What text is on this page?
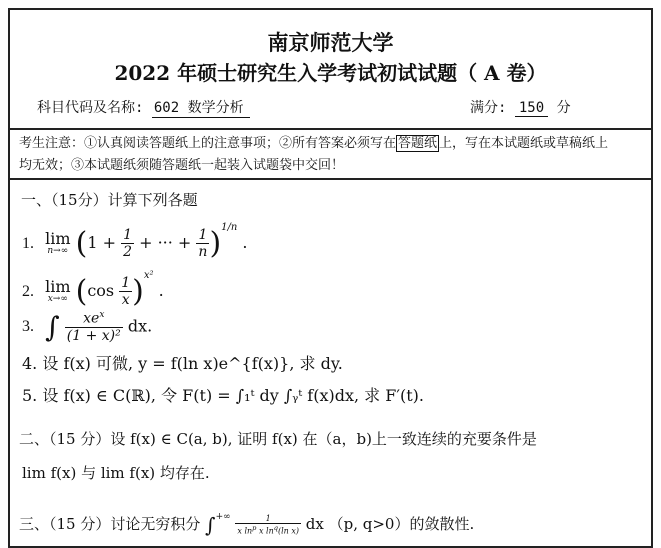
南京师范大学
2022 年硕士研究生入学考试初试试题（ A 卷）
科目代码及名称: 602 数学分析	满分: 150 分
考生注意：①认真阅读答题纸上的注意事项；②所有答案必须写在 答题纸 上，写在本试题纸或草稿纸上
均无效；③本试题纸须随答题纸一起装入试题袋中交回！
一、（15分）计算下列各题
1. lim
n→∞ ($1 + \frac{1}{2}$ + ··· + $\frac{1}{n} )^{1/n}$ .
2. lim
x→∞ $(\cos \frac{1}{x} )^{x^2}$ .
3. ∫ $\frac{xe^x}{\text{(1 + x)²}}$ dx.
4. 设 f(x) 可微, y = f(ln x)e^{f(x)}, 求 dy.
5. 设 f(x) ∈ C(ℝ), 令 F(t) = ∫₁ᵗ dy ∫ᵧᵗ f(x)dx, 求 F′(t).
二、（15 分）设 f(x) ∈ C(a, b), 证明 f(x) 在（a，b)上一致连续的充要条件是
lim f(x) 与 lim f(x) 均存在.
三、（15 分）讨论无穷积分 $\int^{+\infty} \frac{1}{x \ln^p x \ln^q(\ln x)}$ dx （p, q>0）的敛散性.
